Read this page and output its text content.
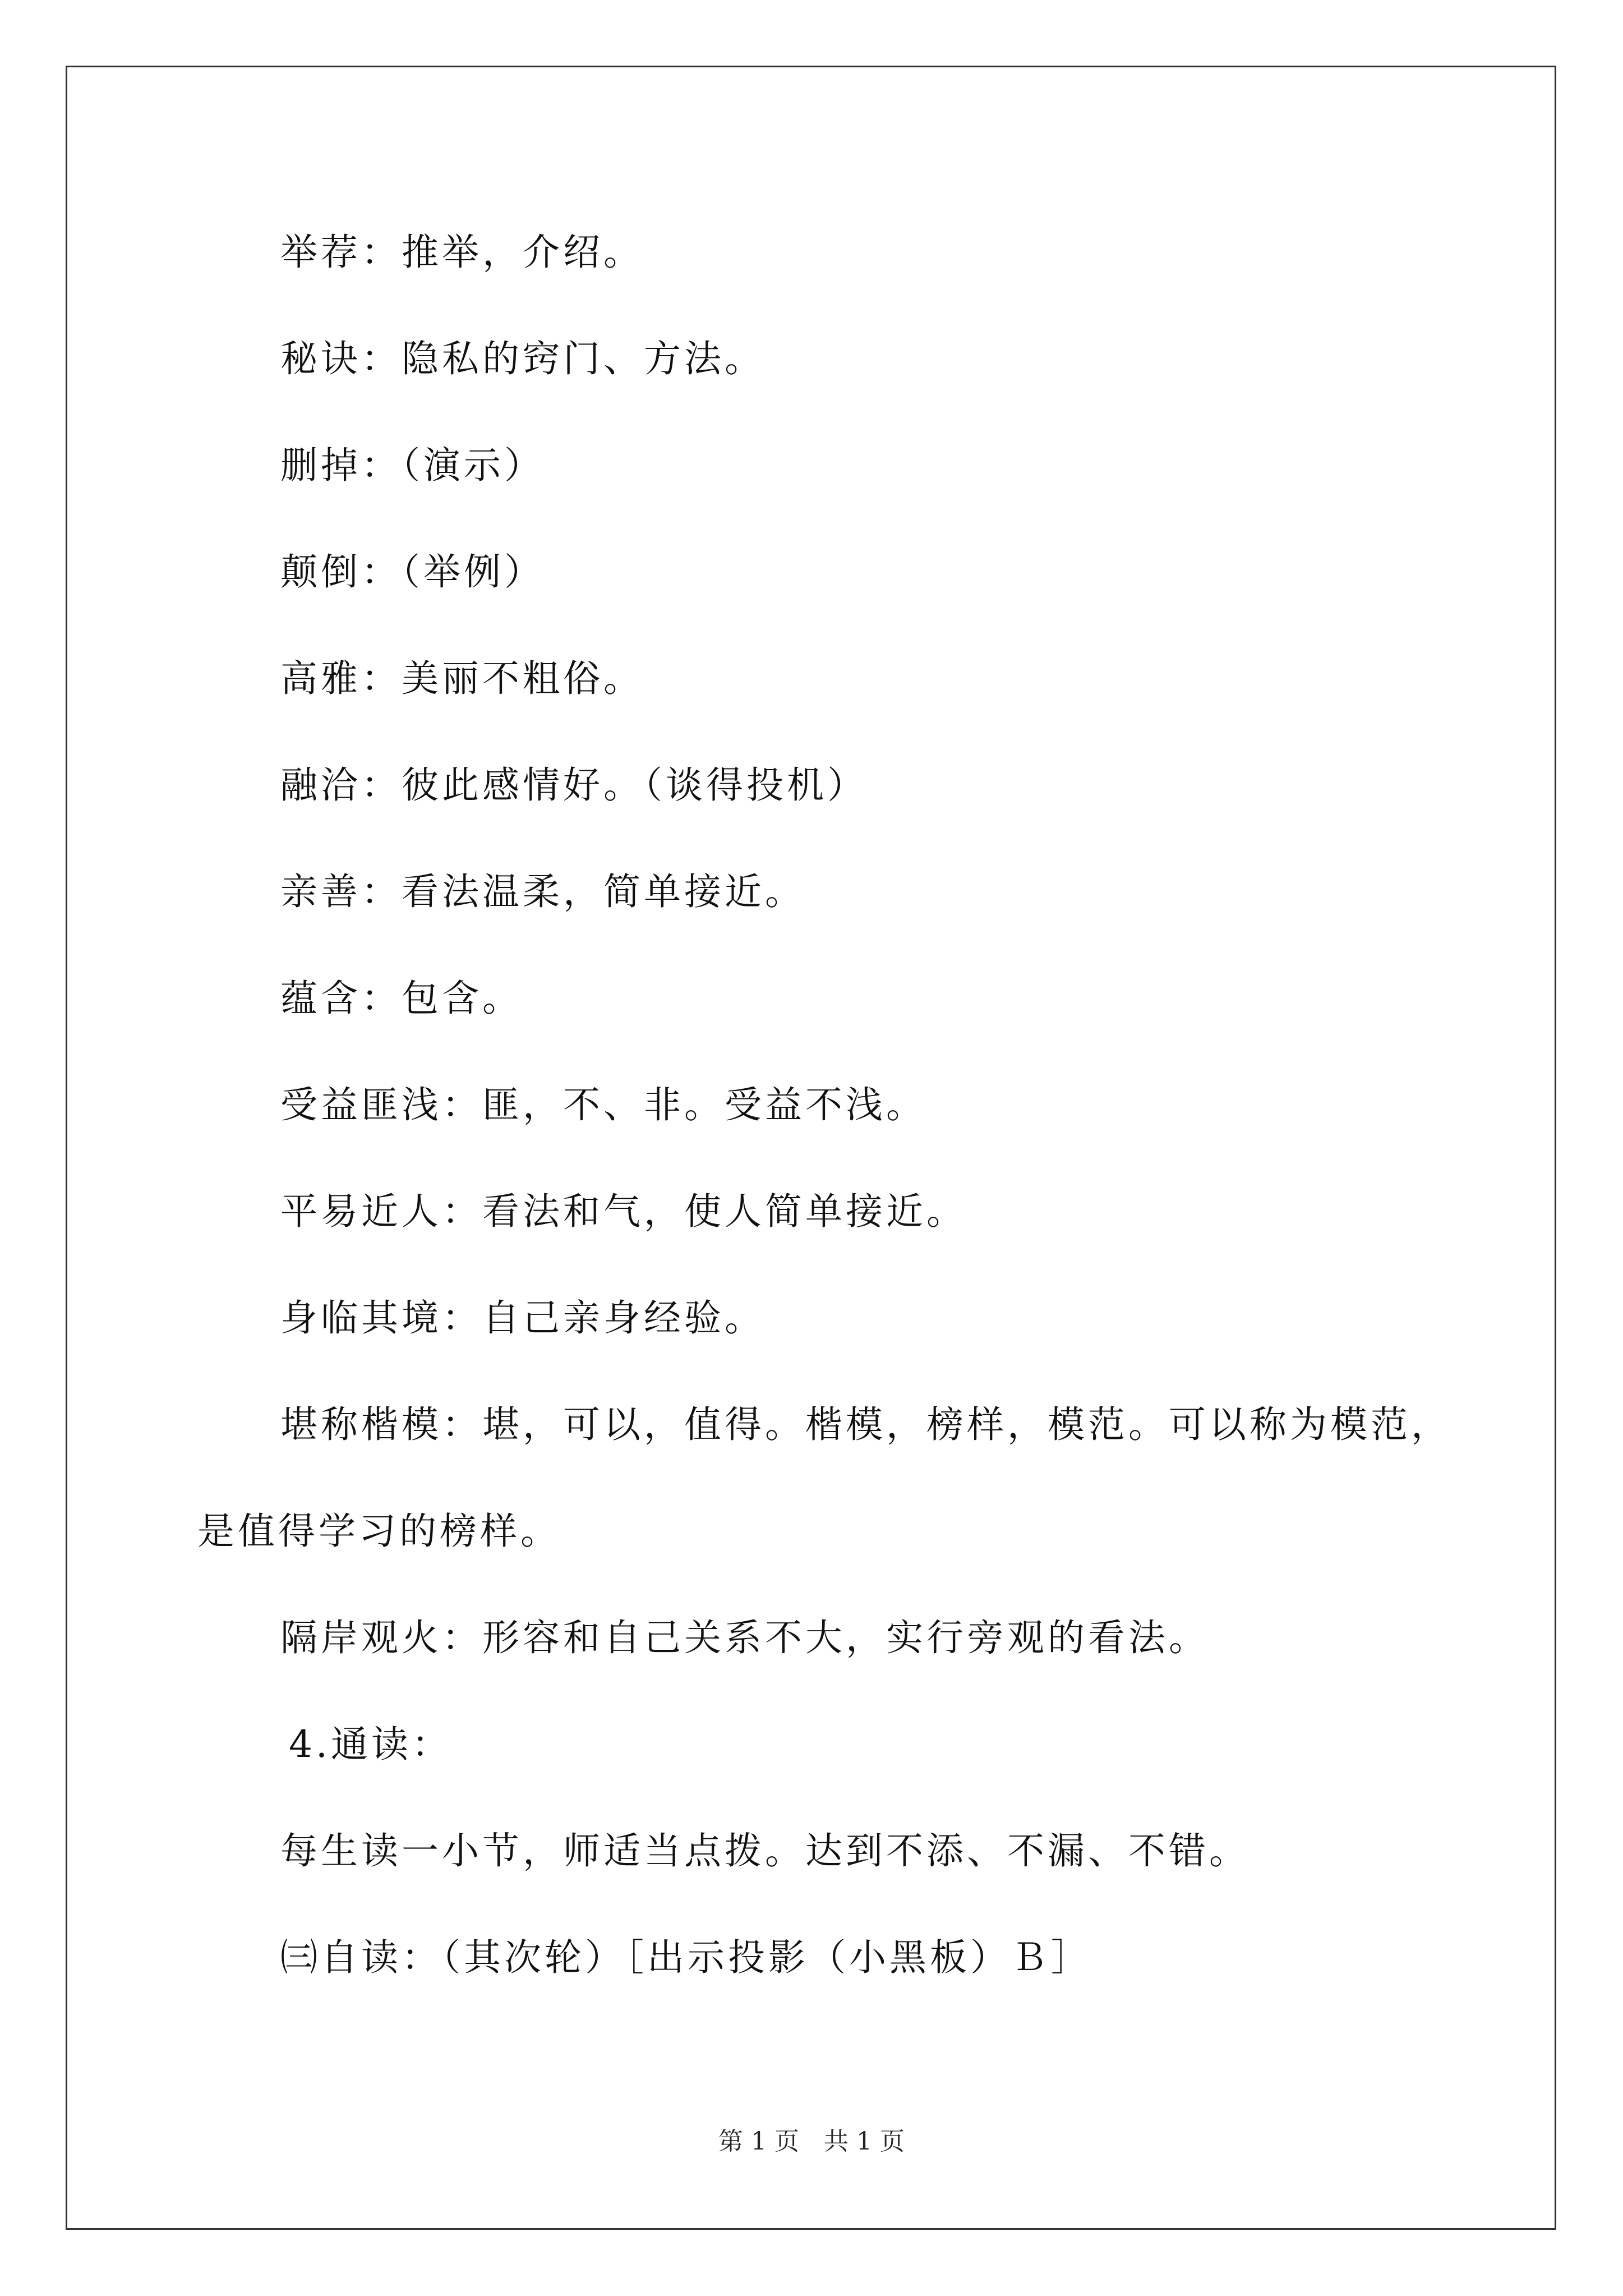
举荐：推举，介绍。
秘诀：隐私的窍门、方法。
删掉：（演示）
颠倒：（举例）
高雅：美丽不粗俗。
融洽：彼此感情好。（谈得投机）
亲善：看法温柔，简单接近。
蕴含：包含。
受益匪浅：匪，不、非。受益不浅。
平易近人：看法和气，使人简单接近。
身临其境：自己亲身经验。
堪称楷模：堪，可以，值得。楷模，榜样，模范。可以称为模范，
是值得学习的榜样。
隔岸观火：形容和自己关系不大，实行旁观的看法。
4.通读：
每生读一小节，师适当点拨。达到不添、不漏、不错。
㈢自读：（其次轮）［出示投影（小黑板）Ｂ］
第 1 页　共 1 页
